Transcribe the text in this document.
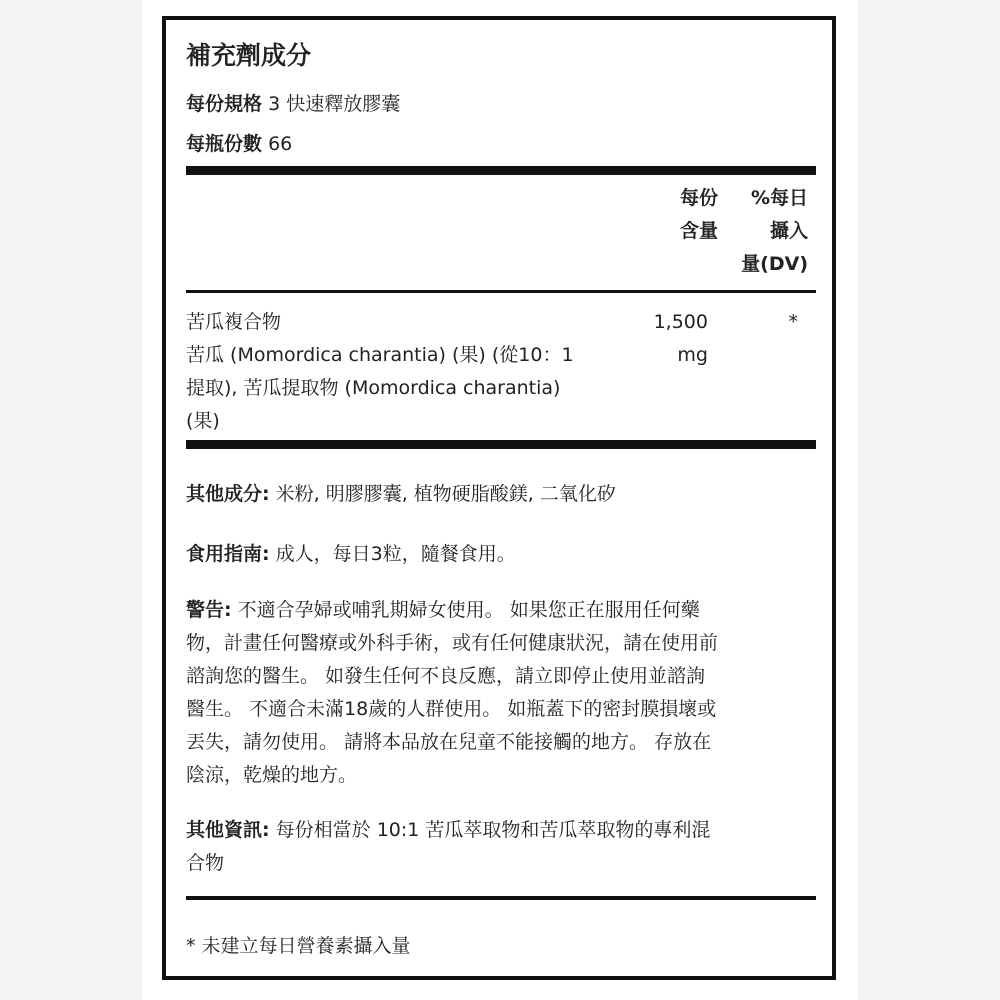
補充劑成分
每份規格 3 快速釋放膠囊
每瓶份數 66
每份
含量
%每日
攝入
量(DV)
苦瓜複合物
苦瓜 (Momordica charantia) (果) (從10：1
提取), 苦瓜提取物 (Momordica charantia)
(果)
1,500
mg
*
其他成分: 米粉, 明膠膠囊, 植物硬脂酸鎂, 二氧化矽
食用指南: 成人，每日3粒，隨餐食用。
警告: 不適合孕婦或哺乳期婦女使用。 如果您正在服用任何藥
物，計畫任何醫療或外科手術，或有任何健康狀況，請在使用前
諮詢您的醫生。 如發生任何不良反應，請立即停止使用並諮詢
醫生。 不適合未滿18歲的人群使用。 如瓶蓋下的密封膜損壞或
丟失，請勿使用。 請將本品放在兒童不能接觸的地方。 存放在
陰涼，乾燥的地方。
其他資訊: 每份相當於 10:1 苦瓜萃取物和苦瓜萃取物的專利混
合物
* 未建立每日營養素攝入量
